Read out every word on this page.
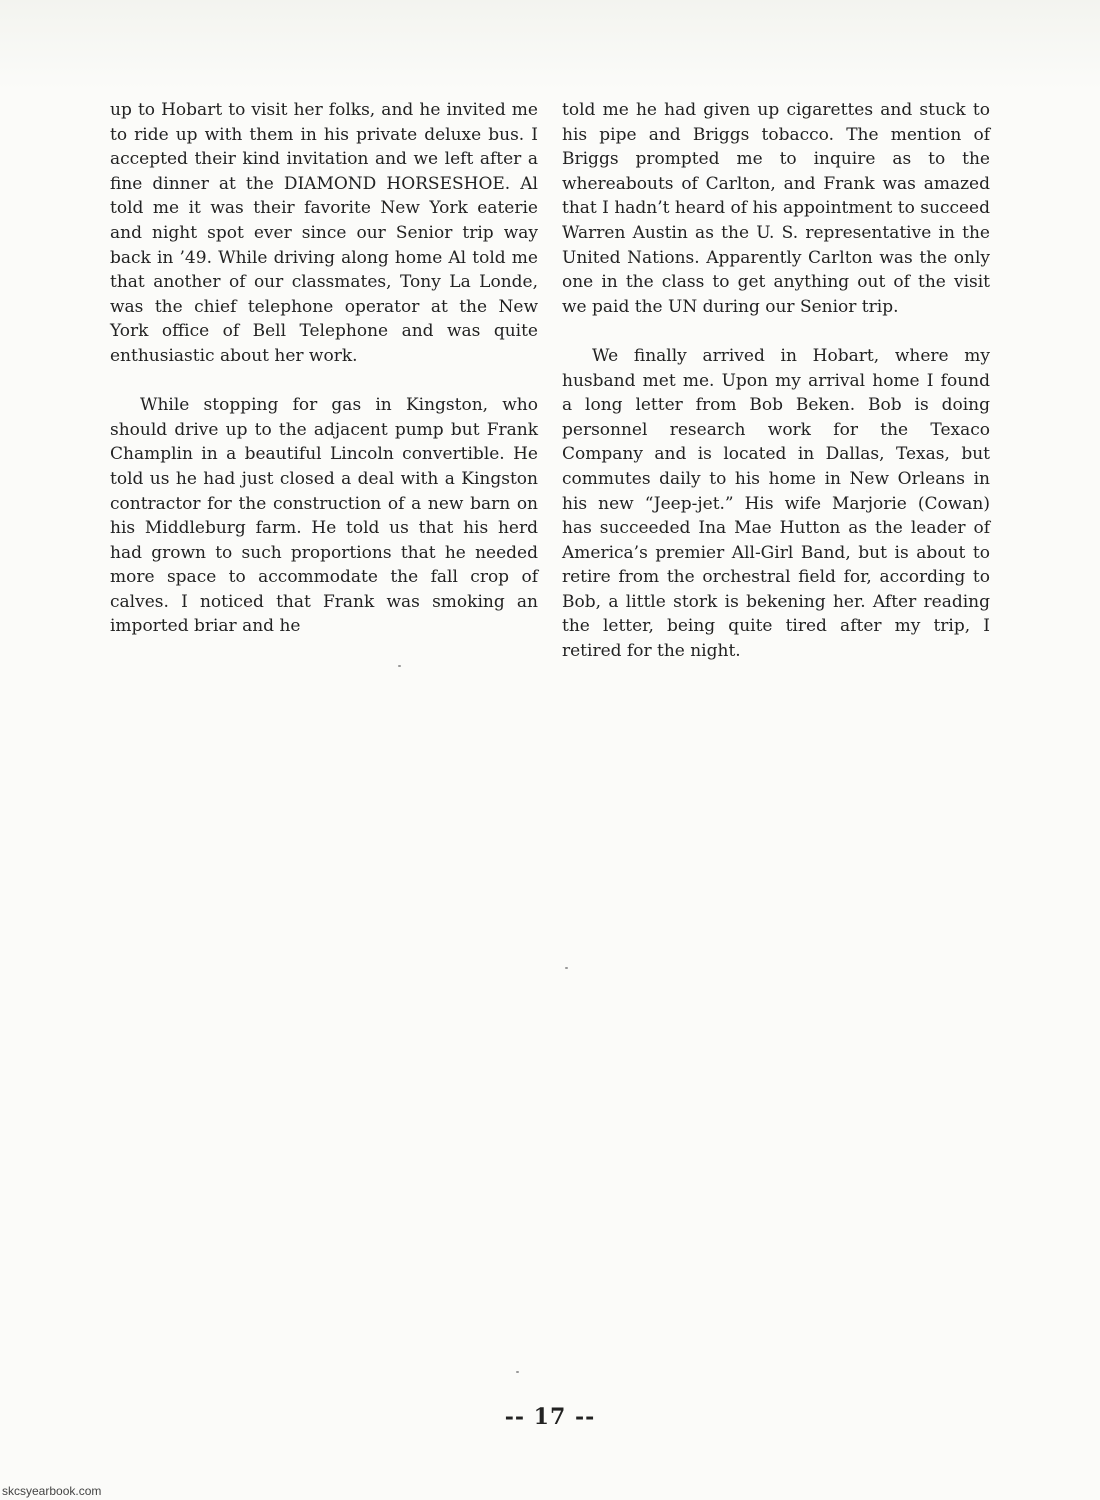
up to Hobart to visit her folks, and he invited me to ride up with them in his private deluxe bus. I accepted their kind invitation and we left after a fine dinner at the DIAMOND HORSESHOE. Al told me it was their favorite New York eaterie and night spot ever since our Senior trip way back in ’49. While driving along home Al told me that another of our classmates, Tony La Londe, was the chief telephone operator at the New York office of Bell Telephone and was quite enthusiastic about her work.

While stopping for gas in Kingston, who should drive up to the adjacent pump but Frank Champlin in a beautiful Lincoln convertible. He told us he had just closed a deal with a Kingston contractor for the construction of a new barn on his Middleburg farm. He told us that his herd had grown to such proportions that he needed more space to accommodate the fall crop of calves. I noticed that Frank was smoking an imported briar and he

told me he had given up cigarettes and stuck to his pipe and Briggs tobacco. The mention of Briggs prompted me to inquire as to the whereabouts of Carlton, and Frank was amazed that I hadn’t heard of his appointment to succeed Warren Austin as the U. S. representative in the United Nations. Apparently Carlton was the only one in the class to get anything out of the visit we paid the UN during our Senior trip.

We finally arrived in Hobart, where my husband met me. Upon my arrival home I found a long letter from Bob Beken. Bob is doing personnel research work for the Texaco Company and is located in Dallas, Texas, but commutes daily to his home in New Orleans in his new “Jeep-jet.” His wife Marjorie (Cowan) has succeeded Ina Mae Hutton as the leader of America’s premier All-Girl Band, but is about to retire from the orchestral field for, according to Bob, a little stork is bekening her. After reading the letter, being quite tired after my trip, I retired for the night.

-- 17 --
skcsyearbook.com
